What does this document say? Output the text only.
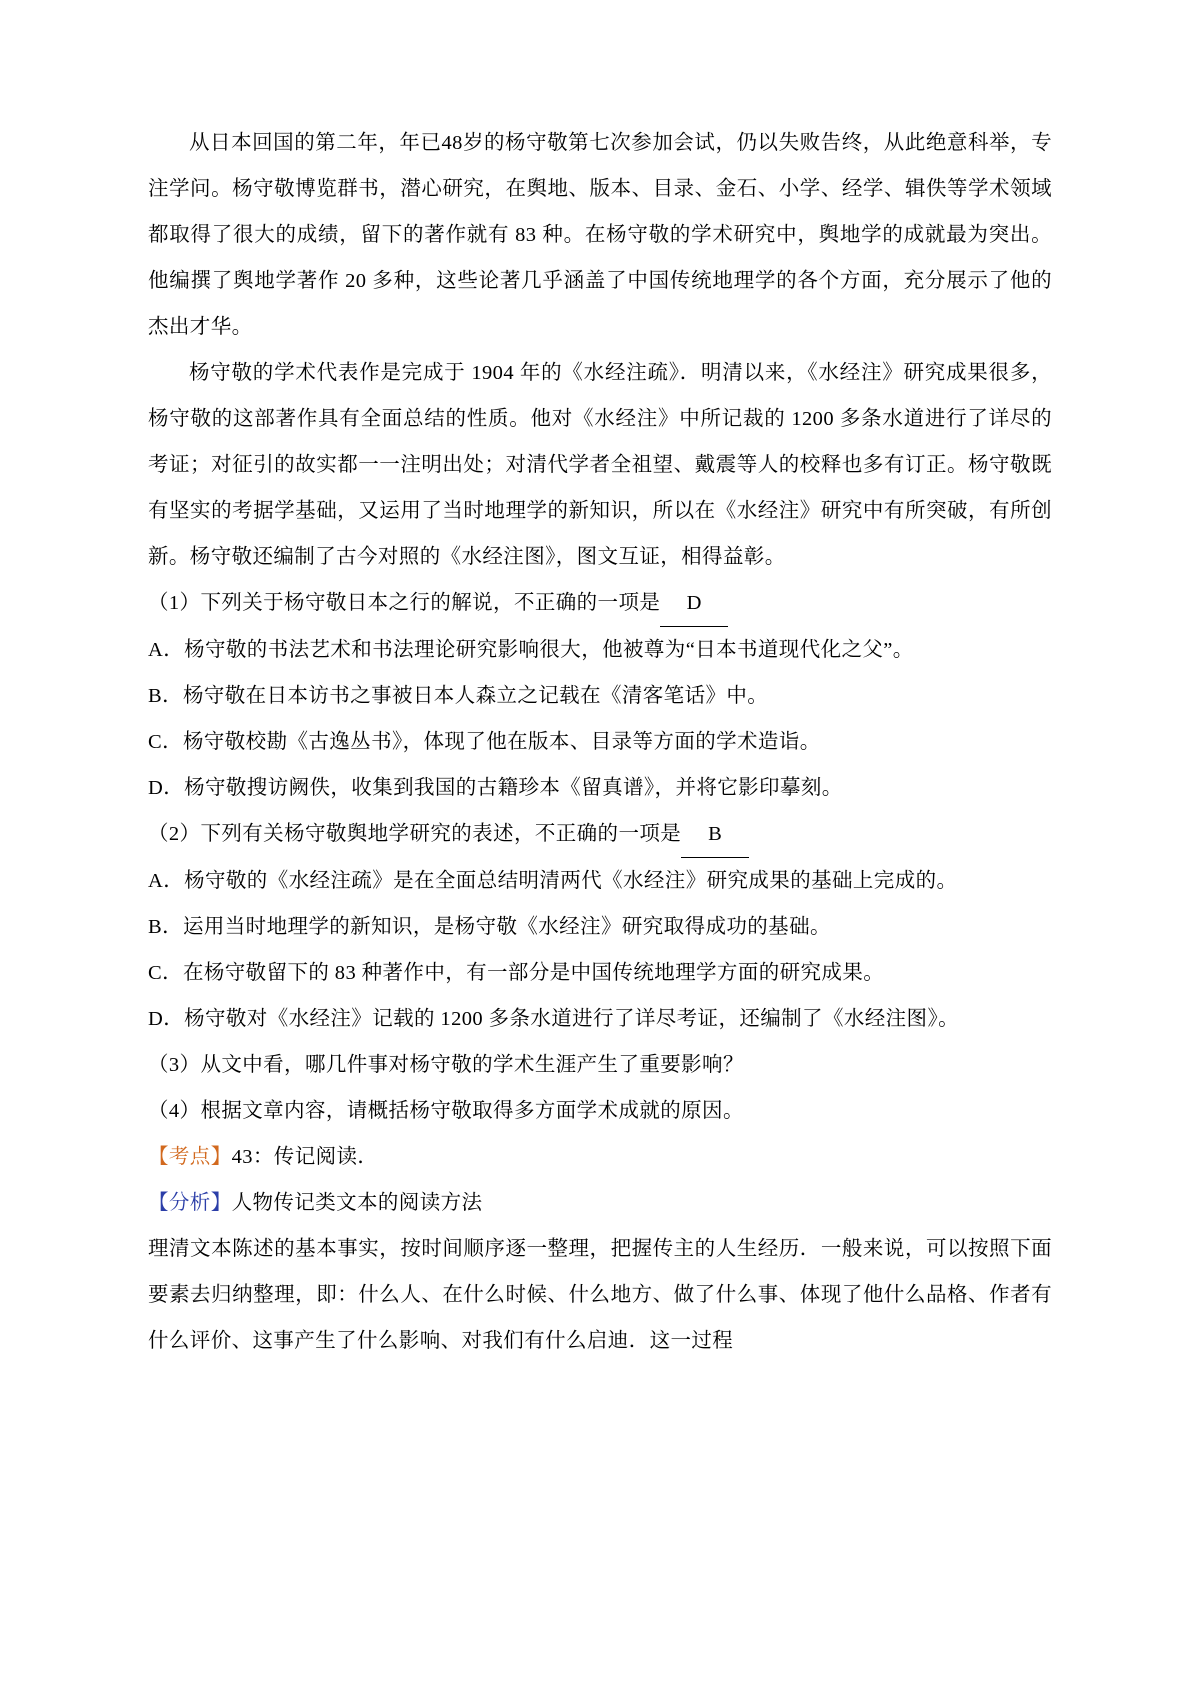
从日本回国的第二年，年已48岁的杨守敬第七次参加会试，仍以失败告终，从此绝意科举，专注学问。杨守敬博览群书，潜心研究，在舆地、版本、目录、金石、小学、经学、辑佚等学术领域都取得了很大的成绩，留下的著作就有 83 种。在杨守敬的学术研究中，舆地学的成就最为突出。他编撰了舆地学著作 20 多种，这些论著几乎涵盖了中国传统地理学的各个方面，充分展示了他的杰出才华。

杨守敬的学术代表作是完成于 1904 年的《水经注疏》．明清以来，《水经注》研究成果很多，杨守敬的这部著作具有全面总结的性质。他对《水经注》中所记裁的 1200 多条水道进行了详尽的考证；对征引的故实都一一注明出处；对清代学者全祖望、戴震等人的校释也多有订正。杨守敬既有坚实的考据学基础，又运用了当时地理学的新知识，所以在《水经注》研究中有所突破，有所创新。杨守敬还编制了古今对照的《水经注图》，图文互证，相得益彰。

（1）下列关于杨守敬日本之行的解说，不正确的一项是 D

A．杨守敬的书法艺术和书法理论研究影响很大，他被尊为“日本书道现代化之父”。

B．杨守敬在日本访书之事被日本人森立之记载在《清客笔话》中。

C．杨守敬校勘《古逸丛书》，体现了他在版本、目录等方面的学术造诣。

D．杨守敬搜访阙佚，收集到我国的古籍珍本《留真谱》，并将它影印摹刻。

（2）下列有关杨守敬舆地学研究的表述，不正确的一项是 B

A．杨守敬的《水经注疏》是在全面总结明清两代《水经注》研究成果的基础上完成的。

B．运用当时地理学的新知识，是杨守敬《水经注》研究取得成功的基础。

C．在杨守敬留下的 83 种著作中，有一部分是中国传统地理学方面的研究成果。

D．杨守敬对《水经注》记载的 1200 多条水道进行了详尽考证，还编制了《水经注图》。

（3）从文中看，哪几件事对杨守敬的学术生涯产生了重要影响？

（4）根据文章内容，请概括杨守敬取得多方面学术成就的原因。

【考点】43：传记阅读．

【分析】人物传记类文本的阅读方法

理清文本陈述的基本事实，按时间顺序逐一整理，把握传主的人生经历．一般来说，可以按照下面要素去归纳整理，即：什么人、在什么时候、什么地方、做了什么事、体现了他什么品格、作者有什么评价、这事产生了什么影响、对我们有什么启迪．这一过程
